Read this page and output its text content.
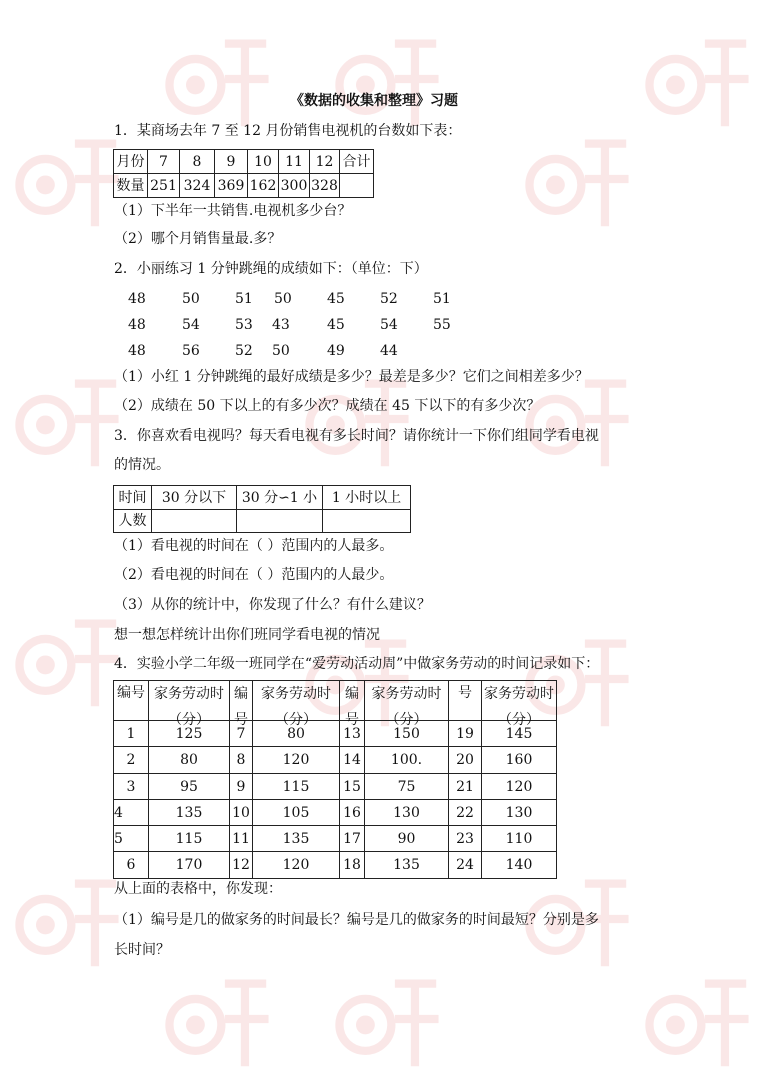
《数据的收集和整理》习题
1．某商场去年 7 至 12 月份销售电视机的台数如下表：
月份	7	8	9	10	11	12	合计
数量	251	324	369	162	300	328	
（1）下半年一共销售.电视机多少台？
（2）哪个月销售量最.多？
2．小丽练习 1 分钟跳绳的成绩如下：（单位：下）
48	50	51 50	45	52	51
48	54	53 43	45	54	55
48	56	52 50	49	44
（1）小红 1 分钟跳绳的最好成绩是多少？最差是多少？它们之间相差多少？
（2）成绩在 50 下以上的有多少次？成绩在 45 下以下的有多少次？
3．你喜欢看电视吗？每天看电视有多长时间？请你统计一下你们组同学看电视
的情况。
时间	30 分以下	30 分∽1 小	1 小时以上
人数			
（1）看电视的时间在（ ）范围内的人最多。
（2）看电视的时间在（ ）范围内的人最少。
（3）从你的统计中，你发现了什么？有什么建议？
想一想怎样统计出你们班同学看电视的情况
4．实验小学二年级一班同学在“爱劳动活动周”中做家务劳动的时间记录如下：
编号	家务劳动时（分）	编号	家务劳动时（分）	编号	家务劳动时（分）	号	家务劳动时（分）

1	125	7	80	13	150	19	145
2	80	8	120	14	100.	20	160
3	95	9	115	15	75	21	120
4	135	10	105	16	130	22	130
5	115	11	135	17	90	23	110
6	170	12	120	18	135	24	140
从上面的表格中，你发现：
（1）编号是几的做家务的时间最长？编号是几的做家务的时间最短？分别是多
长时间？
